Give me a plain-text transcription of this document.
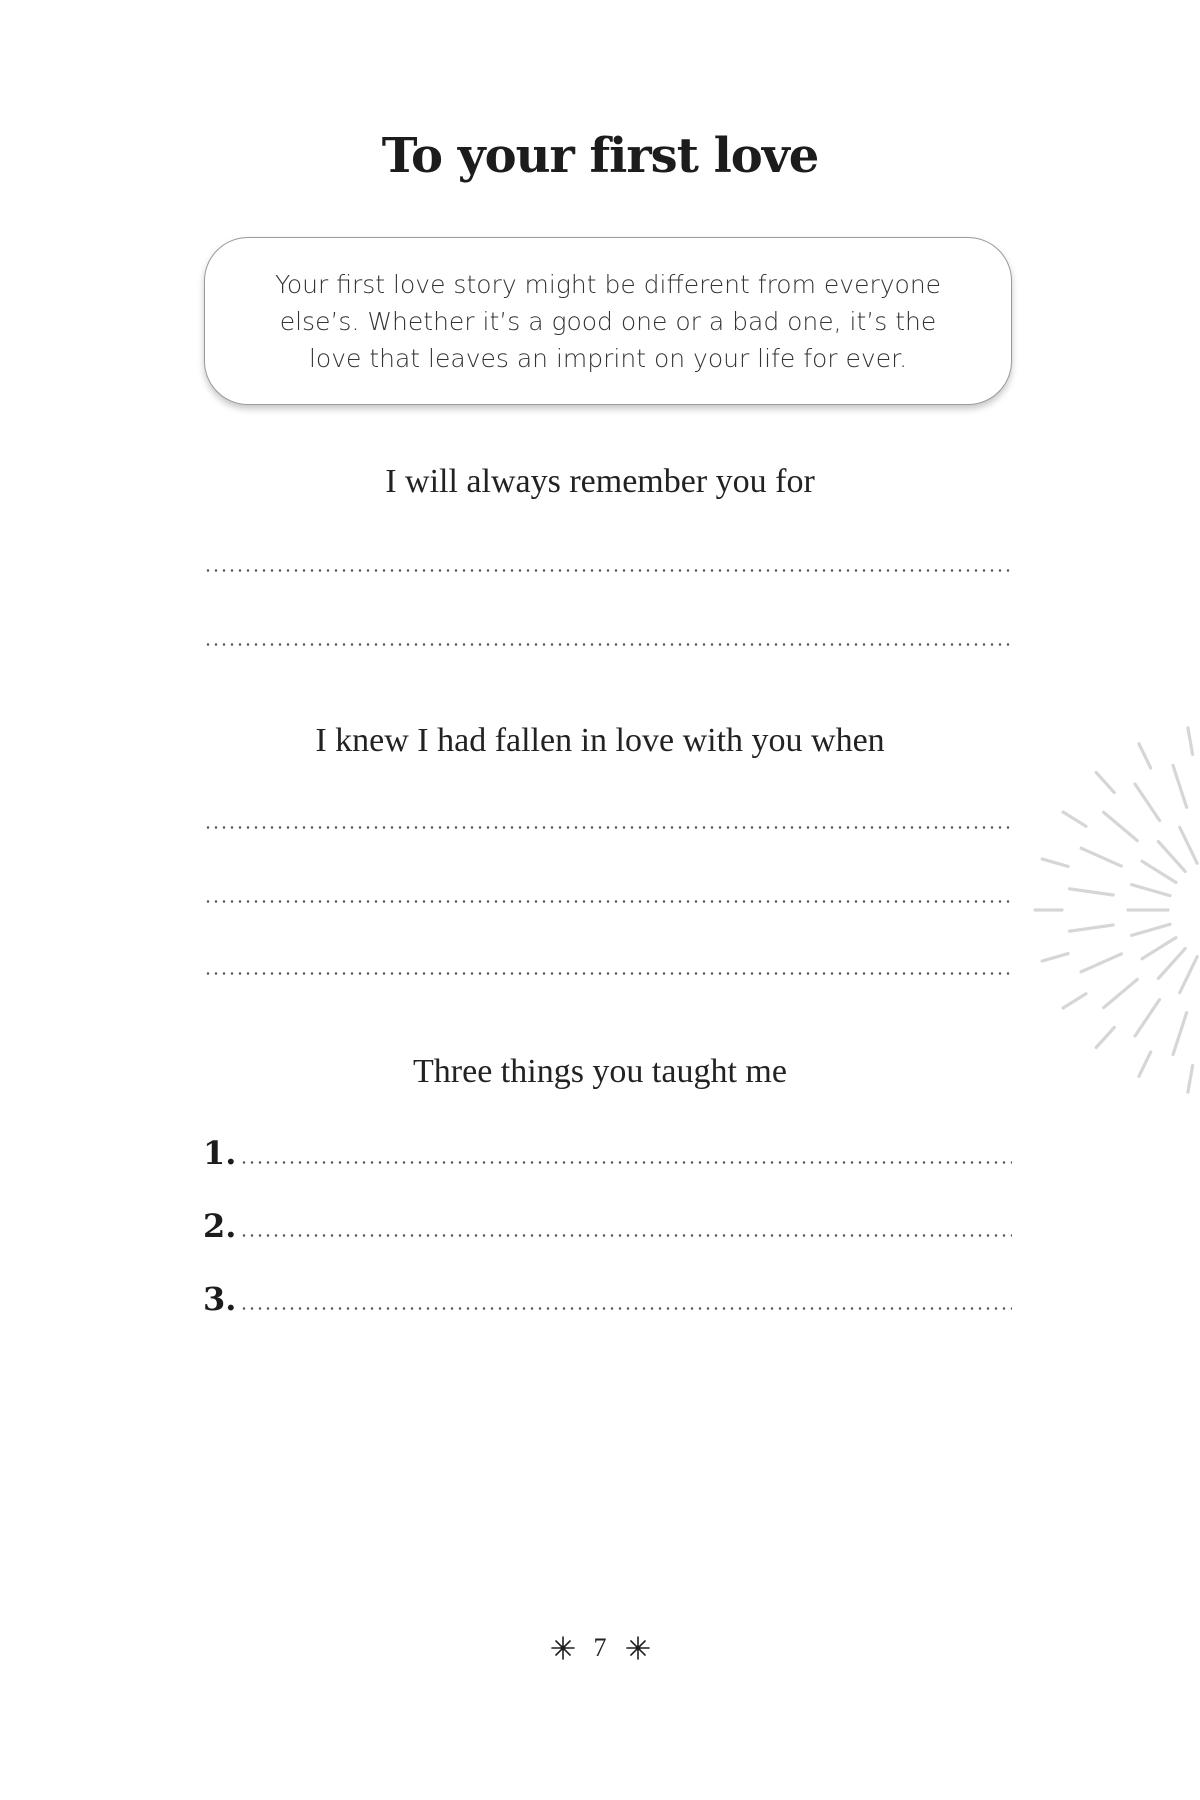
To your first love

Your first love story might be different from everyone else’s. Whether it’s a good one or a bad one, it’s the love that leaves an imprint on your life for ever.

I will always remember you for

I knew I had fallen in love with you when

Three things you taught me

1.
2.
3.
7
